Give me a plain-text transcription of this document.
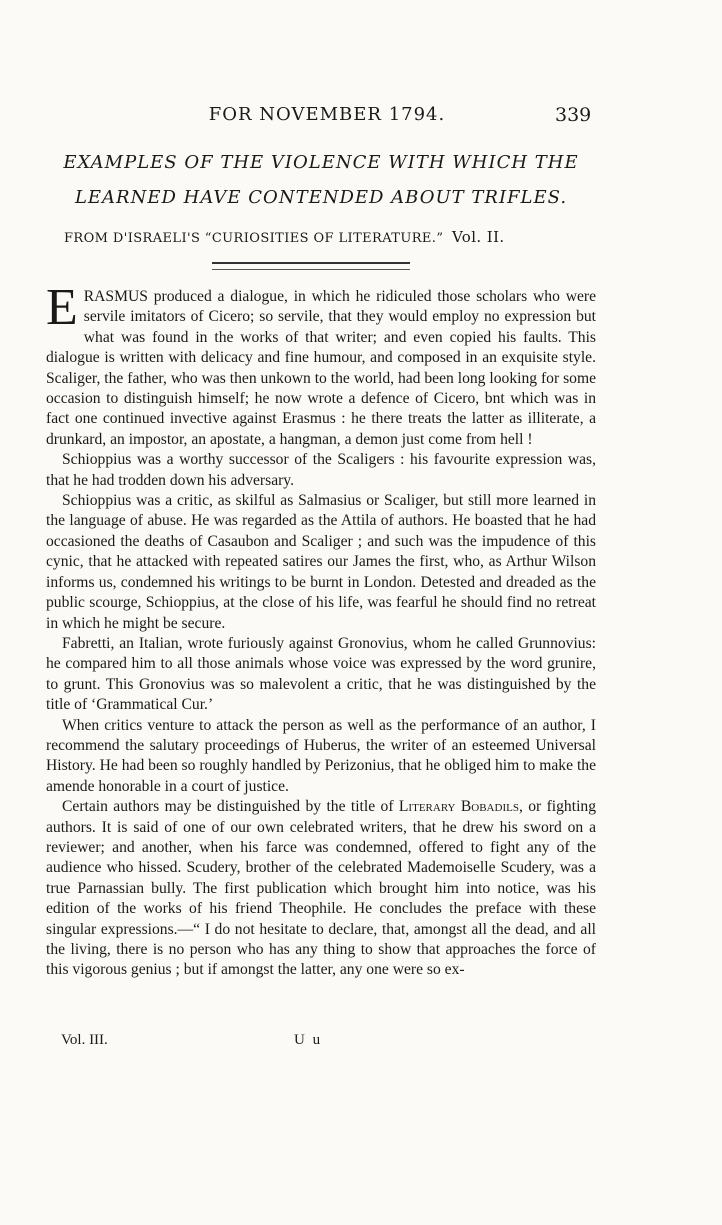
FOR NOVEMBER 1794.	339
EXAMPLES OF THE VIOLENCE WITH WHICH THE
LEARNED HAVE CONTENDED ABOUT TRIFLES.
FROM D'ISRAELI'S “CURIOSITIES OF LITERATURE.” Vol. II.

ERASMUS produced a dialogue, in which he ridiculed those scholars who were servile imitators of Cicero; so servile, that they would employ no expression but what was found in the works of that writer; and even copied his faults. This dialogue is written with delicacy and fine humour, and composed in an exquisite style. Scaliger, the father, who was then unkown to the world, had been long looking for some occasion to distinguish himself; he now wrote a defence of Cicero, bnt which was in fact one continued invective against Erasmus : he there treats the latter as illiterate, a drunkard, an impostor, an apostate, a hangman, a demon just come from hell !

Schioppius was a worthy successor of the Scaligers : his favourite expression was, that he had trodden down his adversary.

Schioppius was a critic, as skilful as Salmasius or Scaliger, but still more learned in the language of abuse. He was regarded as the Attila of authors. He boasted that he had occasioned the deaths of Casaubon and Scaliger ; and such was the impudence of this cynic, that he attacked with repeated satires our James the first, who, as Arthur Wilson informs us, condemned his writings to be burnt in London. Detested and dreaded as the public scourge, Schioppius, at the close of his life, was fearful he should find no retreat in which he might be secure.

Fabretti, an Italian, wrote furiously against Gronovius, whom he called Grunnovius: he compared him to all those animals whose voice was expressed by the word grunire, to grunt. This Gronovius was so malevolent a critic, that he was distinguished by the title of ‘Grammatical Cur.’

When critics venture to attack the person as well as the performance of an author, I recommend the salutary proceedings of Huberus, the writer of an esteemed Universal History. He had been so roughly handled by Perizonius, that he obliged him to make the amende honorable in a court of justice.

Certain authors may be distinguished by the title of Literary Bobadils, or fighting authors. It is said of one of our own celebrated writers, that he drew his sword on a reviewer; and another, when his farce was condemned, offered to fight any of the audience who hissed. Scudery, brother of the celebrated Mademoiselle Scudery, was a true Parnassian bully. The first publication which brought him into notice, was his edition of the works of his friend Theophile. He concludes the preface with these singular expressions.—“ I do not hesitate to declare, that, amongst all the dead, and all the living, there is no person who has any thing to show that approaches the force of this vigorous genius ; but if amongst the latter, any one were so ex-

Vol. III.	U u
